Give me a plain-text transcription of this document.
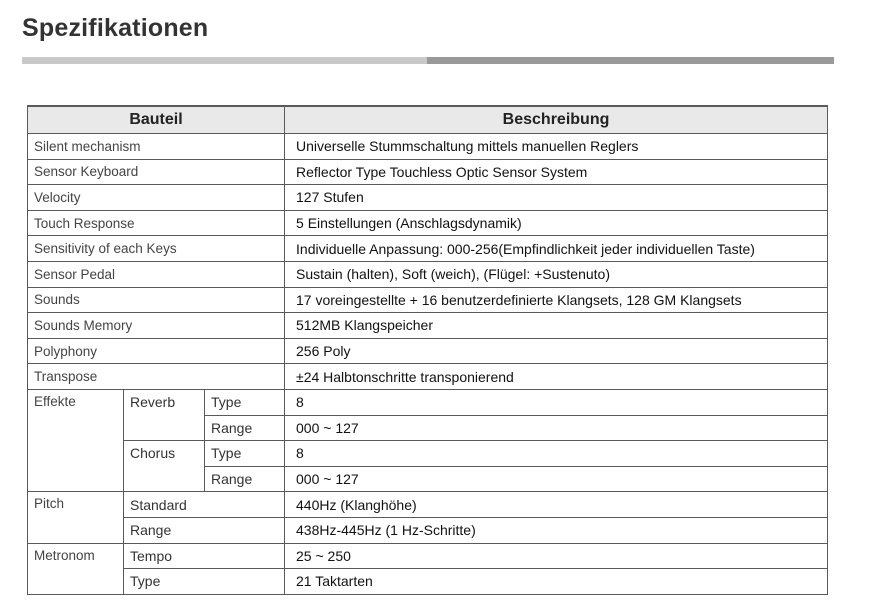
Spezifikationen
Bauteil			Beschreibung
Silent mechanism			Universelle Stummschaltung mittels manuellen Reglers
Sensor Keyboard			Reflector Type Touchless Optic Sensor System
Velocity			127 Stufen
Touch Response			5 Einstellungen (Anschlagsdynamik)
Sensitivity of each Keys			Individuelle Anpassung: 000-256(Empfindlichkeit jeder individuellen Taste)
Sensor Pedal			Sustain (halten), Soft (weich), (Flügel: +Sustenuto)
Sounds			17 voreingestellte + 16 benutzerdefinierte Klangsets, 128 GM Klangsets
Sounds Memory			512MB Klangspeicher
Polyphony			256 Poly
Transpose			±24 Halbtonschritte transponierend
Effekte	Reverb	Type	8
		Range	000 ~ 127
	Chorus	Type	8
		Range	000 ~ 127
Pitch	Standard		440Hz (Klanghöhe)
	Range		438Hz-445Hz (1 Hz-Schritte)
Metronom	Tempo		25 ~ 250
	Type		21 Taktarten
